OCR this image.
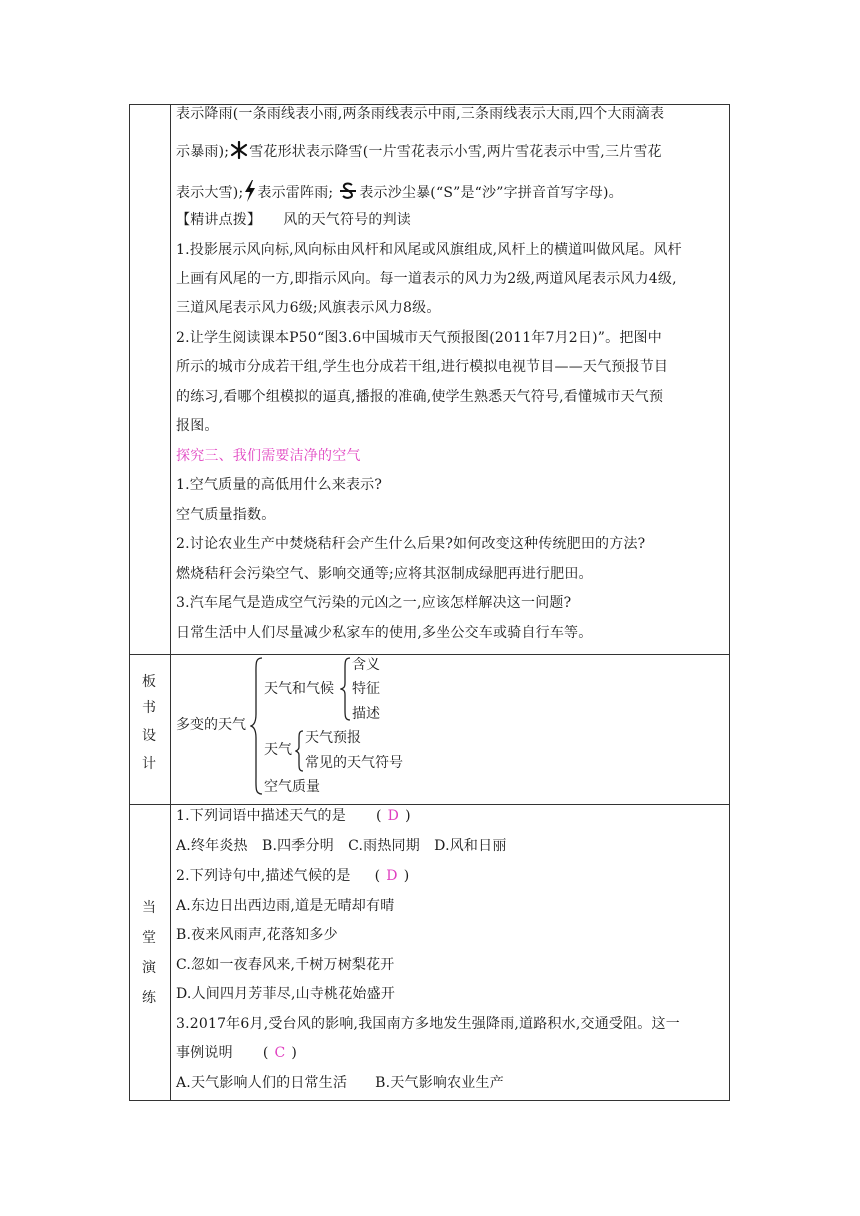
表示降雨(一条雨线表小雨,两条雨线表示中雨,三条雨线表示大雨,四个大雨滴表
示暴雨); 雪花形状表示降雪(一片雪花表示小雪,两片雪花表示中雪,三片雪花
表示大雪); 表示雷阵雨; 表示沙尘暴(“S”是“沙”字拼音首写字母)。
【精讲点拨】 风的天气符号的判读
1.投影展示风向标,风向标由风杆和风尾或风旗组成,风杆上的横道叫做风尾。风杆
上画有风尾的一方,即指示风向。每一道表示的风力为2级,两道风尾表示风力4级,
三道风尾表示风力6级;风旗表示风力8级。
2.让学生阅读课本P50“图3.6中国城市天气预报图(2011年7月2日)”。把图中
所示的城市分成若干组,学生也分成若干组,进行模拟电视节目——天气预报节目
的练习,看哪个组模拟的逼真,播报的准确,使学生熟悉天气符号,看懂城市天气预
报图。
探究三、我们需要洁净的空气
1.空气质量的高低用什么来表示?
空气质量指数。
2.讨论农业生产中焚烧秸秆会产生什么后果?如何改变这种传统肥田的方法?
燃烧秸秆会污染空气、影响交通等;应将其沤制成绿肥再进行肥田。
3.汽车尾气是造成空气污染的元凶之一,应该怎样解决这一问题?
日常生活中人们尽量减少私家车的使用,多坐公交车或骑自行车等。
板
书
设
计
多变的天气
天气和气候
含义
特征
描述
天气
天气预报
常见的天气符号
空气质量
当
堂
演
练
1.下列词语中描述天气的是 ( D )
A.终年炎热　B.四季分明　C.雨热同期　D.风和日丽
2.下列诗句中,描述气候的是 ( D )
A.东边日出西边雨,道是无晴却有晴
B.夜来风雨声,花落知多少
C.忽如一夜春风来,千树万树梨花开
D.人间四月芳菲尽,山寺桃花始盛开
3.2017年6月,受台风的影响,我国南方多地发生强降雨,道路积水,交通受阻。这一
事例说明 ( C )
A.天气影响人们的日常生活 B.天气影响农业生产
